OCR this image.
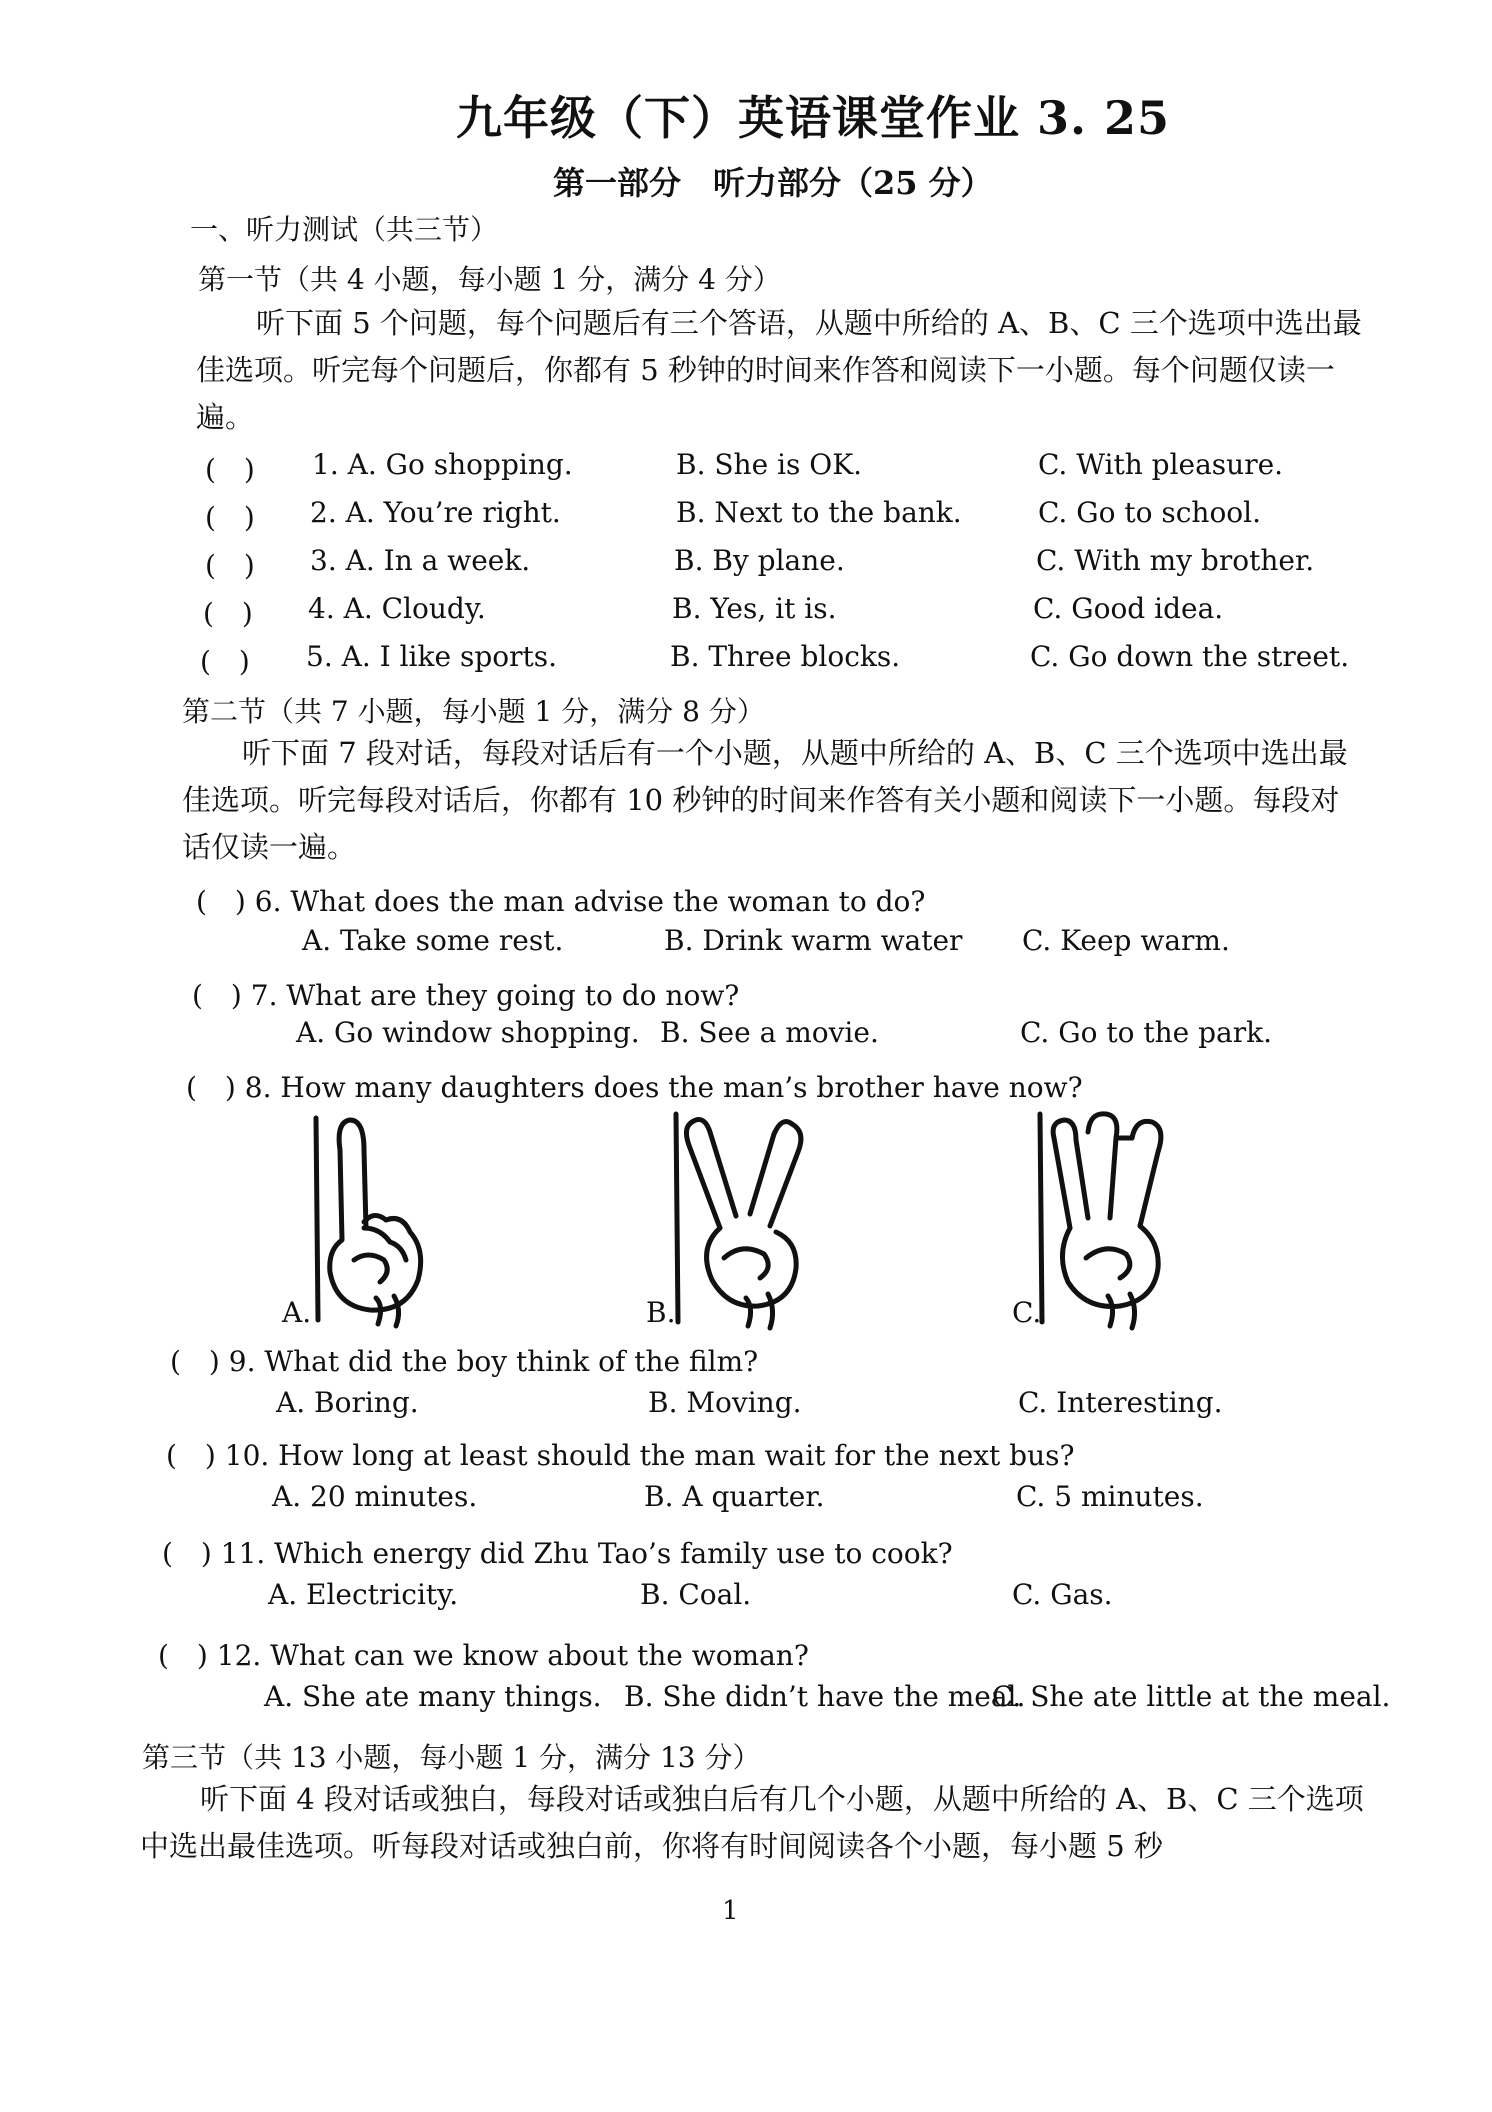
九年级（下）英语课堂作业 3. 25
第一部分　听力部分（25 分）
一、听力测试（共三节）
第一节（共 4 小题，每小题 1 分，满分 4 分）
听下面 5 个问题，每个问题后有三个答语，从题中所给的 A、B、C 三个选项中选出最佳选项。听完每个问题后，你都有 5 秒钟的时间来作答和阅读下一小题。每个问题仅读一遍。
(　) 1. A. Go shopping.	B. She is OK.	C. With pleasure.
(　) 2. A. You’re right.	B. Next to the bank.	C. Go to school.
(　) 3. A. In a week.	B. By plane.	C. With my brother.
(　) 4. A. Cloudy.	B. Yes, it is.	C. Good idea.
(　) 5. A. I like sports.	B. Three blocks.	C. Go down the street.
第二节（共 7 小题，每小题 1 分，满分 8 分）
听下面 7 段对话，每段对话后有一个小题，从题中所给的 A、B、C 三个选项中选出最佳选项。听完每段对话后，你都有 10 秒钟的时间来作答有关小题和阅读下一小题。每段对话仅读一遍。
(　) 6. What does the man advise the woman to do?
A. Take some rest.	B. Drink warm water C. Keep warm.
(　) 7. What are they going to do now?
A. Go window shopping. B. See a movie.	C. Go to the park.
(　) 8. How many daughters does the man’s brother have now?
A.	B.	C.
(　) 9. What did the boy think of the film?
A. Boring.	B. Moving.	C. Interesting.
(　) 10. How long at least should the man wait for the next bus?
A. 20 minutes.	B. A quarter.	C. 5 minutes.
(　) 11. Which energy did Zhu Tao’s family use to cook?
A. Electricity.	B. Coal.	C. Gas.
(　) 12. What can we know about the woman?
A. She ate many things. B. She didn’t have the meal.
C. She ate little at the meal.
第三节（共 13 小题，每小题 1 分，满分 13 分）
听下面 4 段对话或独白，每段对话或独白后有几个小题，从题中所给的 A、B、C 三个选项中选出最佳选项。听每段对话或独白前，你将有时间阅读各个小题，每小题 5 秒
1
